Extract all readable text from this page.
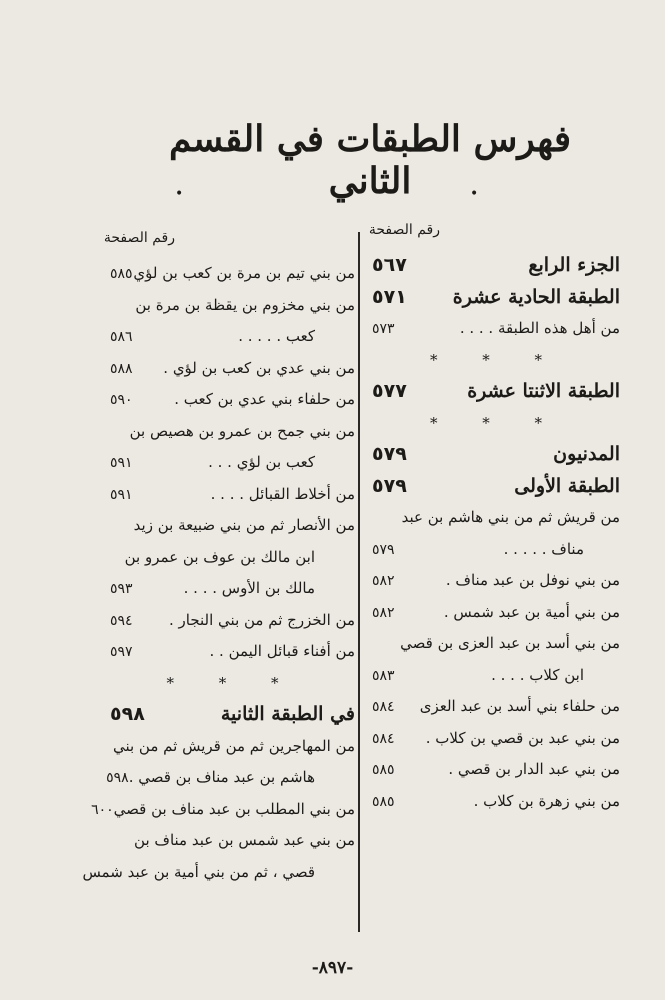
فهرس الطبقات في القسم الثاني
•	•
رقم الصفحة
الجزء الرابع
٥٦٧
الطبقة الحادية عشرة
٥٧١
من أهل هذه الطبقة . . . .
٥٧٣
* * *
الطبقة الاثنتا عشرة
٥٧٧
* * *
المدنيون
٥٧٩
الطبقة الأولى
٥٧٩
من قريش ثم من بني هاشم بن عبد
مناف . . . . .
٥٧٩
من بني نوفل بن عبد مناف .
٥٨٢
من بني أمية بن عبد شمس .
٥٨٢
من بني أسد بن عبد العزى بن قصي
ابن كلاب . . . .
٥٨٣
من حلفاء بني أسد بن عبد العزى
٥٨٤
من بني عبد بن قصي بن كلاب .
٥٨٤
من بني عبد الدار بن قصي .
٥٨٥
من بني زهرة بن كلاب .
٥٨٥
رقم الصفحة
من بني تيم بن مرة بن كعب بن لؤي
٥٨٥
من بني مخزوم بن يقظة بن مرة بن
كعب . . . . .
٥٨٦
من بني عدي بن كعب بن لؤي .
٥٨٨
من حلفاء بني عدي بن كعب .
٥٩٠
من بني جمح بن عمرو بن هصيص بن
كعب بن لؤي . . .
٥٩١
من أخلاط القبائل . . . .
٥٩١
من الأنصار ثم من بني ضبيعة بن زيد
ابن مالك بن عوف بن عمرو بن
مالك بن الأوس . . . .
٥٩٣
من الخزرج ثم من بني النجار .
٥٩٤
من أفناء قبائل اليمن . .
٥٩٧
* * *
في الطبقة الثانية
٥٩٨
من المهاجرين ثم من قريش ثم من بني
هاشم بن عبد مناف بن قصي .
٥٩٨
من بني المطلب بن عبد مناف بن قصي
٦٠٠
من بني عبد شمس بن عبد مناف بن
قصي ، ثم من بني أمية بن عبد شمس
-٨٩٧-
